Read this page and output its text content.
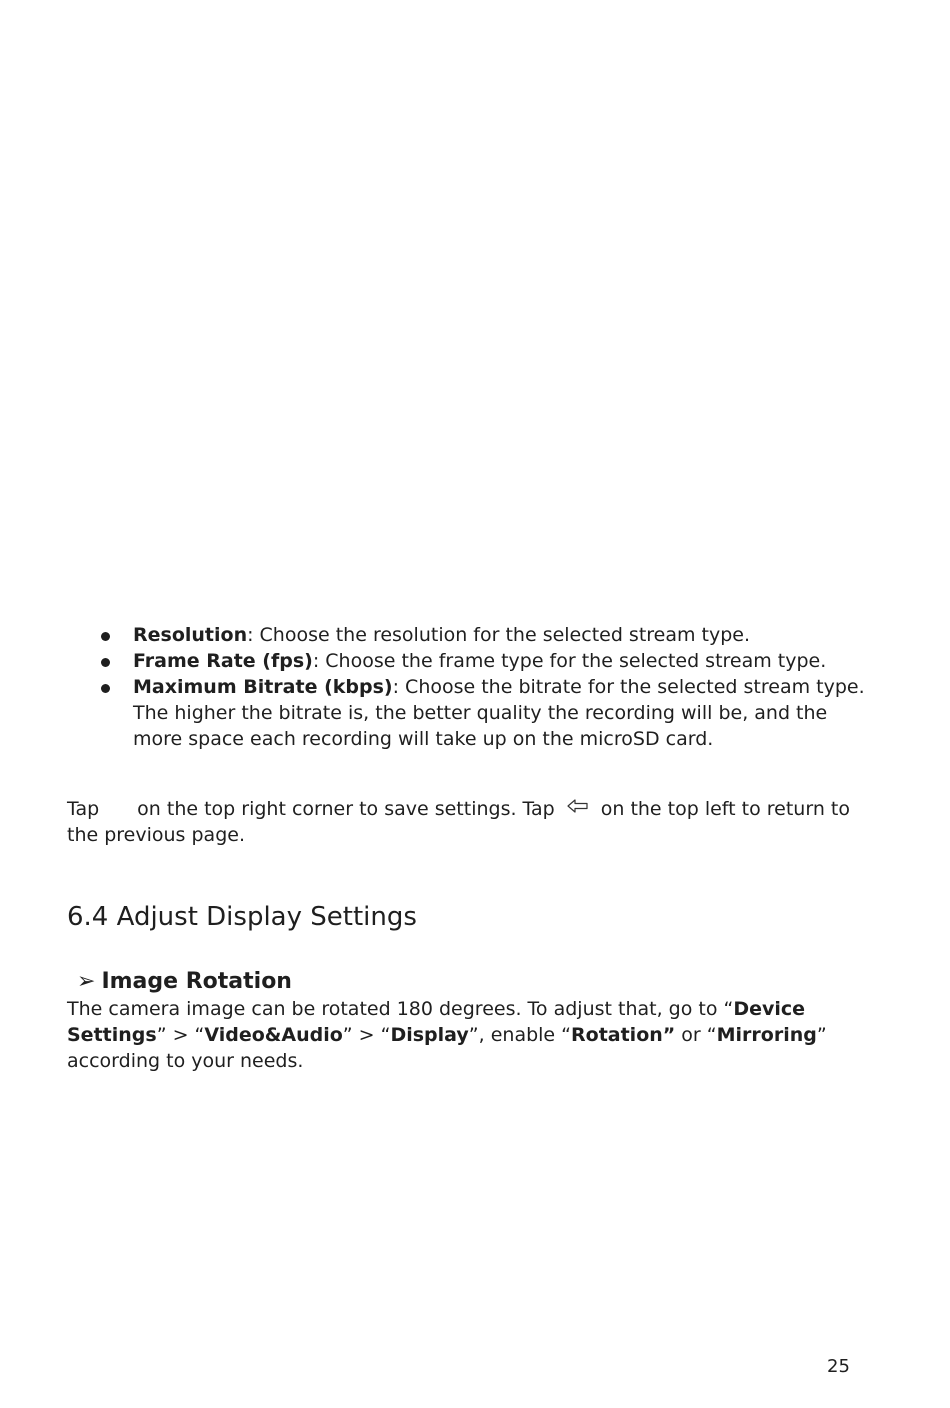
Resolution: Choose the resolution for the selected stream type.
Frame Rate (fps): Choose the frame type for the selected stream type.
Maximum Bitrate (kbps): Choose the bitrate for the selected stream type. The higher the bitrate is, the better quality the recording will be, and the more space each recording will take up on the microSD card.

Tap on the top right corner to save settings. Tap on the top left to return to the previous page.

6.4 Adjust Display Settings
➢ Image Rotation

The camera image can be rotated 180 degrees. To adjust that, go to “Device Settings” > “Video&Audio” > “Display”, enable “Rotation” or “Mirroring” according to your needs.

25
